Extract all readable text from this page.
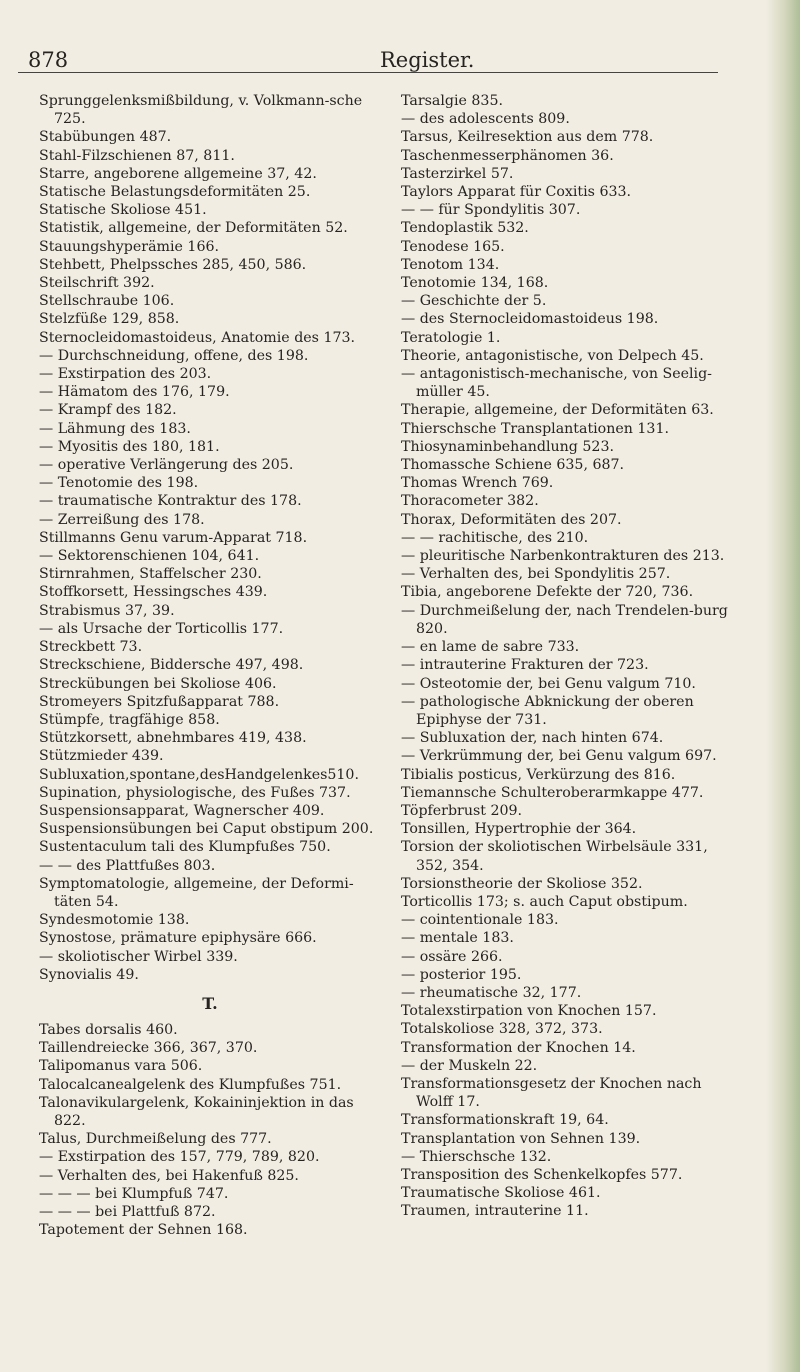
878	Register.

Sprunggelenksmißbildung, v. Volkmann-sche 725.

Stabübungen 487.

Stahl-Filzschienen 87, 811.

Starre, angeborene allgemeine 37, 42.

Statische Belastungsdeformitäten 25.

Statische Skoliose 451.

Statistik, allgemeine, der Deformitäten 52.

Stauungshyperämie 166.

Stehbett, Phelpssches 285, 450, 586.

Steilschrift 392.

Stellschraube 106.

Stelzfüße 129, 858.

Sternocleidomastoideus, Anatomie des 173.

— Durchschneidung, offene, des 198.

— Exstirpation des 203.

— Hämatom des 176, 179.

— Krampf des 182.

— Lähmung des 183.

— Myositis des 180, 181.

— operative Verlängerung des 205.

— Tenotomie des 198.

— traumatische Kontraktur des 178.

— Zerreißung des 178.

Stillmanns Genu varum-Apparat 718.

— Sektorenschienen 104, 641.

Stirnrahmen, Staffelscher 230.

Stoffkorsett, Hessingsches 439.

Strabismus 37, 39.

— als Ursache der Torticollis 177.

Streckbett 73.

Streckschiene, Biddersche 497, 498.

Streckübungen bei Skoliose 406.

Stromeyers Spitzfußapparat 788.

Stümpfe, tragfähige 858.

Stützkorsett, abnehmbares 419, 438.

Stützmieder 439.

Subluxation,spontane,desHandgelenkes510.

Supination, physiologische, des Fußes 737.

Suspensionsapparat, Wagnerscher 409.

Suspensionsübungen bei Caput obstipum 200.

Sustentaculum tali des Klumpfußes 750.

— — des Plattfußes 803.

Symptomatologie, allgemeine, der Deformi-täten 54.

Syndesmotomie 138.

Synostose, prämature epiphysäre 666.

— skoliotischer Wirbel 339.

Synovialis 49.

T.

Tabes dorsalis 460.

Taillendreiecke 366, 367, 370.

Talipomanus vara 506.

Talocalcanealgelenk des Klumpfußes 751.

Talonavikulargelenk, Kokaininjektion in das 822.

Talus, Durchmeißelung des 777.

— Exstirpation des 157, 779, 789, 820.

— Verhalten des, bei Hakenfuß 825.

— — — bei Klumpfuß 747.

— — — bei Plattfuß 872.

Tapotement der Sehnen 168.

Tarsalgie 835.

— des adolescents 809.

Tarsus, Keilresektion aus dem 778.

Taschenmesserphänomen 36.

Tasterzirkel 57.

Taylors Apparat für Coxitis 633.

— — für Spondylitis 307.

Tendoplastik 532.

Tenodese 165.

Tenotom 134.

Tenotomie 134, 168.

— Geschichte der 5.

— des Sternocleidomastoideus 198.

Teratologie 1.

Theorie, antagonistische, von Delpech 45.

— antagonistisch-mechanische, von Seelig-müller 45.

Therapie, allgemeine, der Deformitäten 63.

Thierschsche Transplantationen 131.

Thiosynaminbehandlung 523.

Thomassche Schiene 635, 687.

Thomas Wrench 769.

Thoracometer 382.

Thorax, Deformitäten des 207.

— — rachitische, des 210.

— pleuritische Narbenkontrakturen des 213.

— Verhalten des, bei Spondylitis 257.

Tibia, angeborene Defekte der 720, 736.

— Durchmeißelung der, nach Trendelen-burg 820.

— en lame de sabre 733.

— intrauterine Frakturen der 723.

— Osteotomie der, bei Genu valgum 710.

— pathologische Abknickung der oberen Epiphyse der 731.

— Subluxation der, nach hinten 674.

— Verkrümmung der, bei Genu valgum 697.

Tibialis posticus, Verkürzung des 816.

Tiemannsche Schulteroberarmkappe 477.

Töpferbrust 209.

Tonsillen, Hypertrophie der 364.

Torsion der skoliotischen Wirbelsäule 331, 352, 354.

Torsionstheorie der Skoliose 352.

Torticollis 173; s. auch Caput obstipum.

— cointentionale 183.

— mentale 183.

— ossäre 266.

— posterior 195.

— rheumatische 32, 177.

Totalexstirpation von Knochen 157.

Totalskoliose 328, 372, 373.

Transformation der Knochen 14.

— der Muskeln 22.

Transformationsgesetz der Knochen nach Wolff 17.

Transformationskraft 19, 64.

Transplantation von Sehnen 139.

— Thierschsche 132.

Transposition des Schenkelkopfes 577.

Traumatische Skoliose 461.

Traumen, intrauterine 11.
